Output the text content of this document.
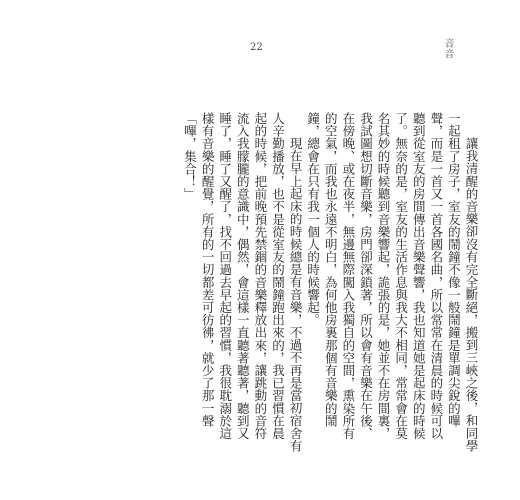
22	音音

讓我清醒的音樂卻沒有完全斷絕，搬到三峽之後，和同學一起租了房子，室友的鬧鐘不像一般鬧鐘是單調尖銳的嗶聲，而是一首又一首各國名曲，所以常常在清晨的時候可以聽到從室友的房間傳出音樂聲響，我也知道她是起床的時候了。無奈的是，室友的生活作息與我大不相同，常常會在莫名其妙的時候聽到音樂響起，詭張的是，她並不在房間裏，我試圖想切斷音樂，房門卻深鎖著，所以會有音樂在午後、在傍晚、或在夜半，無邊無際闖入我獨自的空間，熏染所有的空氣，而我也永遠不明白，為何他房裏那個有音樂的鬧鐘，總會在只有我一個人的時候響起。

現在早上起床的時候總是有音樂，不過不再是當初宿舍有人辛勤播放，也不是從室友的鬧鐘跑出來的，我已習慣在晨起的時候，把前晚預先禁錮的音樂釋放出來，讓跳動的音符流入我朦朧的意識中，偶然，會這樣一直聽著聽著，聽到又睡了，睡了又醒了，找不回過去早起的習慣，我很耽溺於這樣有音樂的醒覺，所有的一切都差可彷彿，就少了那一聲「嗶，集合！」
